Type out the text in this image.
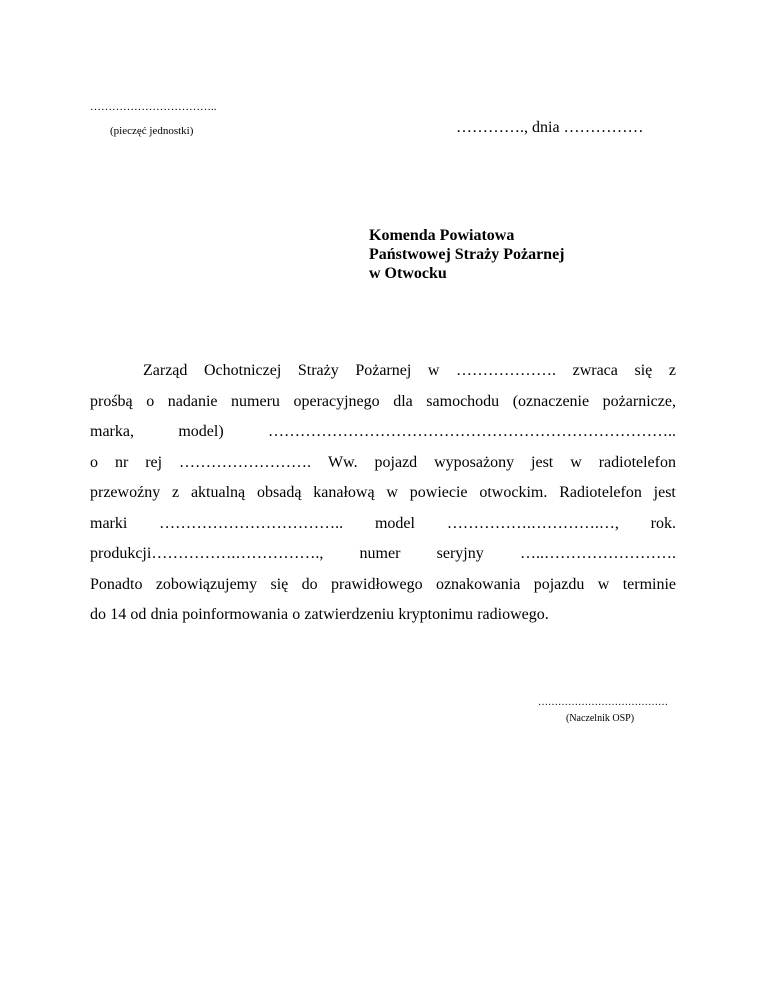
……………………………..
(pieczęć jednostki)	…………., dnia ……………
Komenda Powiatowa
Państwowej Straży Pożarnej
w Otwocku
Zarząd Ochotniczej Straży Pożarnej w ………………. zwraca się z
prośbą o nadanie numeru operacyjnego dla samochodu (oznaczenie pożarnicze,
marka,	model)	…………………………………………………………………..
o nr rej ……………………. Ww. pojazd wyposażony jest w radiotelefon
przewoźny z aktualną obsadą kanałową w powiecie otwockim. Radiotelefon jest
marki …………………………….. model …………….………….…, rok.
produkcji…………….……………., numer seryjny …..…………………….
Ponadto zobowiązujemy się do prawidłowego oznakowania pojazdu w terminie
do 14 od dnia poinformowania o zatwierdzeniu kryptonimu radiowego.
…………………………………
(Naczelnik OSP)
